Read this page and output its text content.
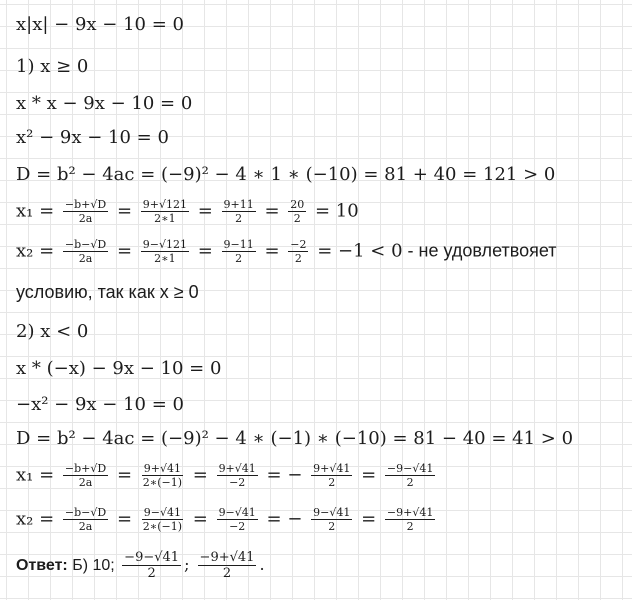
x|x| − 9x − 10 = 0
1) x ≥ 0
x * x − 9x − 10 = 0
x² − 9x − 10 = 0
D = b² − 4ac = (−9)² − 4 ∗ 1 ∗ (−10) = 81 + 40 = 121 > 0
$x_1 = \frac{-b+√D}{2a} = \frac{9+√121}{2∗1} = \frac{9+11}{2} = \frac{20}{2} = 10$
$x_2 = \frac{-b-√D}{2a} = \frac{9-√121}{2∗1} = \frac{9-11}{2} = \frac{-2}{2} = -1 < 0$ - не удовлетвояет
условию, так как x ≥ 0
2) x < 0
x * (−x) − 9x − 10 = 0
−x² − 9x − 10 = 0
D = b² − 4ac = (−9)² − 4 ∗ (−1) ∗ (−10) = 81 − 40 = 41 > 0
$x_1 = \frac{-b+√D}{2a} = \frac{9+√41}{2∗(-1)} = \frac{9+√41}{-2}$ = − $\frac{9+√41}{2} = \frac{-9-√41}{2}$
$x_2 = \frac{-b-√D}{2a} = \frac{9-√41}{2∗(-1)} = \frac{9-√41}{-2}$ = − $\frac{9-√41}{2} = \frac{-9+√41}{2}$
Ответ: Б) 10; $\frac{-9-√41}{2}$ ; $\frac{-9+√41}{2}$ .
